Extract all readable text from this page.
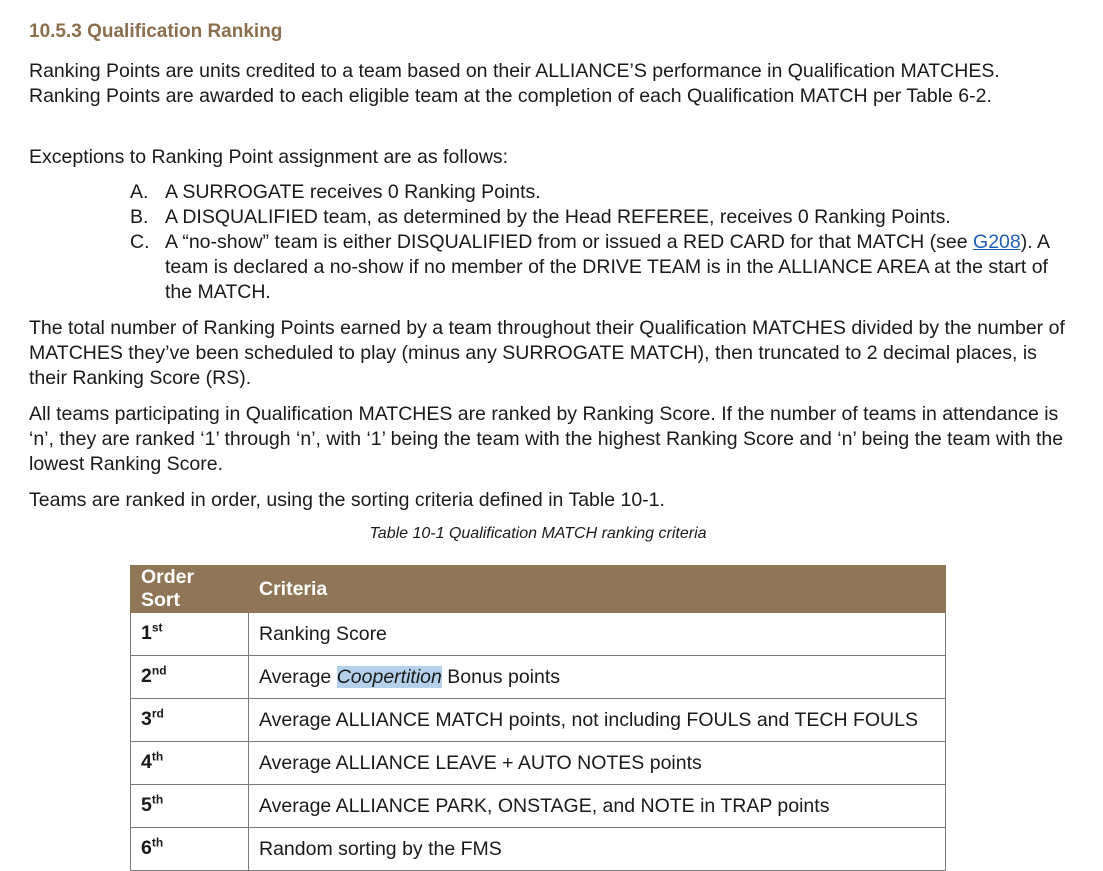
10.5.3 Qualification Ranking

Ranking Points are units credited to a team based on their ALLIANCE’S performance in Qualification MATCHES. Ranking Points are awarded to each eligible team at the completion of each Qualification MATCH per Table 6-2.

Exceptions to Ranking Point assignment are as follows:

A. A SURROGATE receives 0 Ranking Points.
B. A DISQUALIFIED team, as determined by the Head REFEREE, receives 0 Ranking Points.
C. A “no-show” team is either DISQUALIFIED from or issued a RED CARD for that MATCH (see G208). A team is declared a no-show if no member of the DRIVE TEAM is in the ALLIANCE AREA at the start of the MATCH.

The total number of Ranking Points earned by a team throughout their Qualification MATCHES divided by the number of MATCHES they’ve been scheduled to play (minus any SURROGATE MATCH), then truncated to 2 decimal places, is their Ranking Score (RS).

All teams participating in Qualification MATCHES are ranked by Ranking Score. If the number of teams in attendance is ‘n’, they are ranked ‘1’ through ‘n’, with ‘1’ being the team with the highest Ranking Score and ‘n’ being the team with the lowest Ranking Score.

Teams are ranked in order, using the sorting criteria defined in Table 10-1.

Table 10-1 Qualification MATCH ranking criteria
Order Sort	Criteria
1st	Ranking Score
2nd	Average Coopertition Bonus points
3rd	Average ALLIANCE MATCH points, not including FOULS and TECH FOULS
4th	Average ALLIANCE LEAVE + AUTO NOTES points
5th	Average ALLIANCE PARK, ONSTAGE, and NOTE in TRAP points
6th	Random sorting by the FMS
